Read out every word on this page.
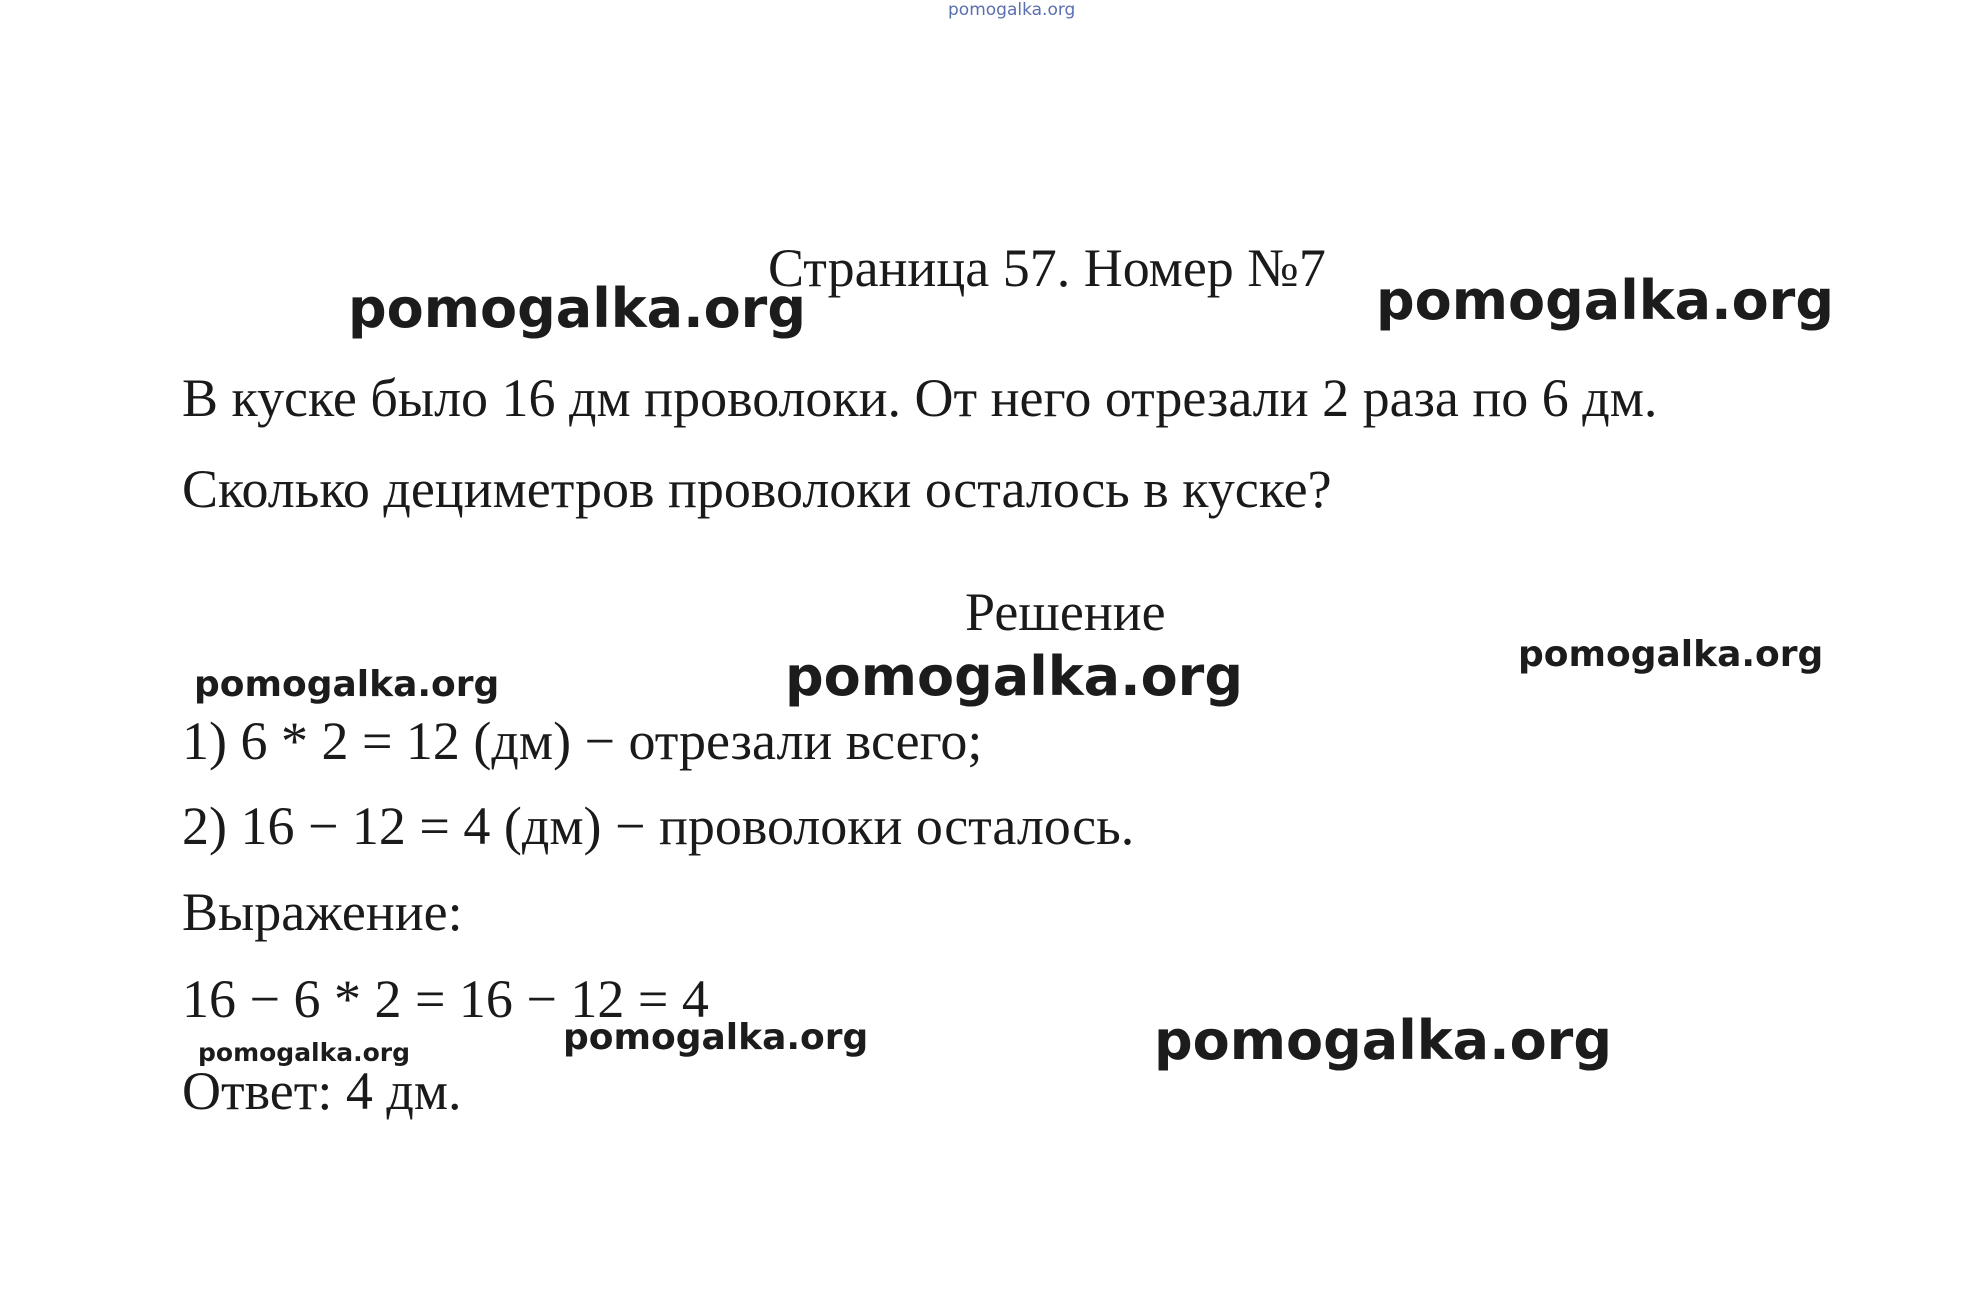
pomogalka.org
Страница 57. Номер №7
pomogalka.org	pomogalka.org
В куске было 16 дм проволоки. От него отрезали 2 раза по 6 дм.
Сколько дециметров проволоки осталось в куске?
Решение
pomogalka.org	pomogalka.org	pomogalka.org
1) 6 * 2 = 12 (дм) − отрезали всего;
2) 16 − 12 = 4 (дм) − проволоки осталось.
Выражение:
16 − 6 * 2 = 16 − 12 = 4
pomogalka.org	pomogalka.org	pomogalka.org
Ответ: 4 дм.
